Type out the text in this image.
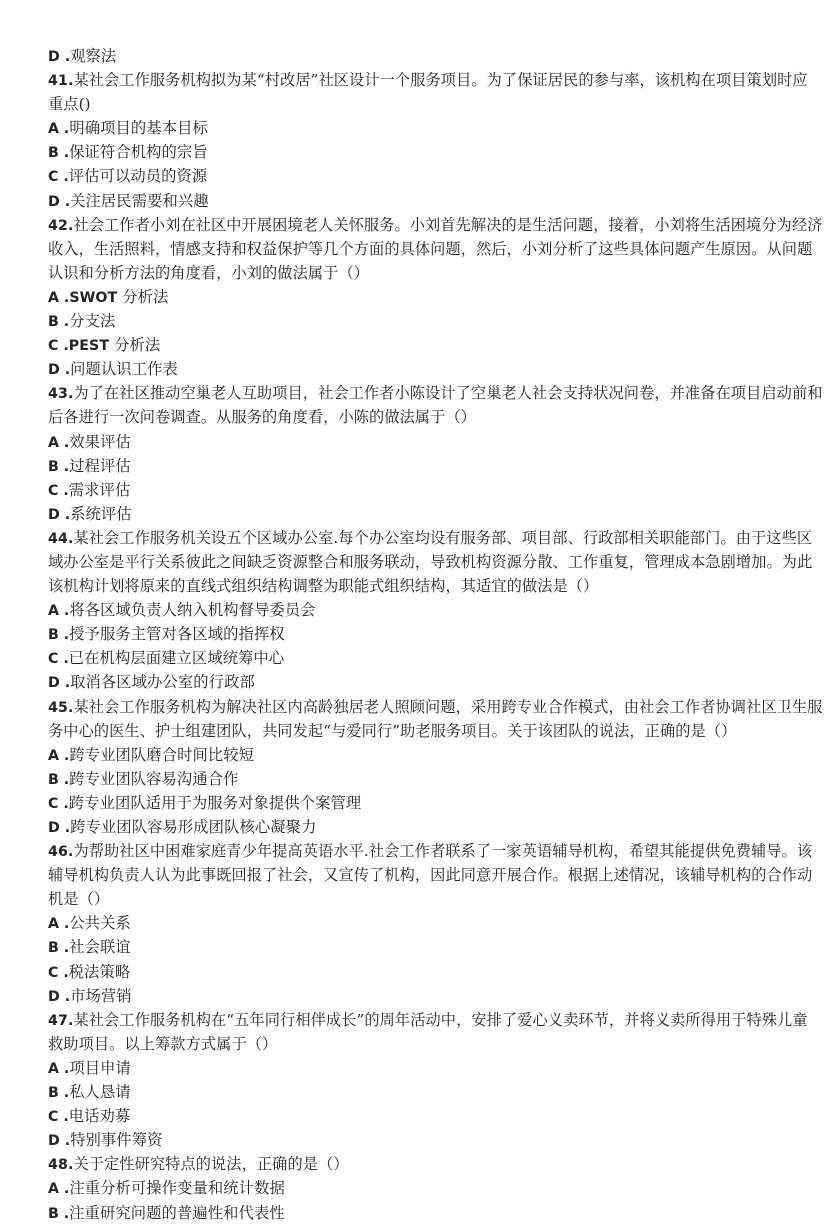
D .观察法
41.某社会工作服务机构拟为某“村改居”社区设计一个服务项目。为了保证居民的参与率，该机构在项目策划时应
重点()
A .明确项目的基本目标
B .保证符合机构的宗旨
C .评估可以动员的资源
D .关注居民需要和兴趣
42.社会工作者小刘在社区中开展困境老人关怀服务。小刘首先解决的是生活问题，接着，小刘将生活困境分为经济
收入，生活照料，情感支持和权益保护等几个方面的具体问题，然后，小刘分析了这些具体问题产生原因。从问题
认识和分析方法的角度看，小刘的做法属于（）
A .SWOT 分析法
B .分支法
C .PEST 分析法
D .问题认识工作表
43.为了在社区推动空巢老人互助项目，社会工作者小陈设计了空巢老人社会支持状况问卷，并准备在项目启动前和
后各进行一次问卷调查。从服务的角度看，小陈的做法属于（）
A .效果评估
B .过程评估
C .需求评估
D .系统评估
44.某社会工作服务机关设五个区域办公室.每个办公室均设有服务部、项目部、行政部相关职能部门。由于这些区
域办公室是平行关系彼此之间缺乏资源整合和服务联动，导致机构资源分散、工作重复，管理成本急剧增加。为此
该机构计划将原来的直线式组织结构调整为职能式组织结构，其适宜的做法是（）
A .将各区域负责人纳入机构督导委员会
B .授予服务主管对各区域的指挥权
C .已在机构层面建立区域统筹中心
D .取消各区域办公室的行政部
45.某社会工作服务机构为解决社区内高龄独居老人照顾问题，采用跨专业合作模式，由社会工作者协调社区卫生服
务中心的医生、护士组建团队，共同发起“与爱同行”助老服务项目。关于该团队的说法，正确的是（）
A .跨专业团队磨合时间比较短
B .跨专业团队容易沟通合作
C .跨专业团队适用于为服务对象提供个案管理
D .跨专业团队容易形成团队核心凝聚力
46.为帮助社区中困难家庭青少年提高英语水平.社会工作者联系了一家英语辅导机构，希望其能提供免费辅导。该
辅导机构负责人认为此事既回报了社会，又宣传了机构，因此同意开展合作。根据上述情况，该辅导机构的合作动
机是（）
A .公共关系
B .社会联谊
C .税法策略
D .市场营销
47.某社会工作服务机构在“五年同行相伴成长”的周年活动中，安排了爱心义卖环节，并将义卖所得用于特殊儿童
救助项目。以上筹款方式属于（）
A .项目申请
B .私人恳请
C .电话劝募
D .特别事件筹资
48.关于定性研究特点的说法，正确的是（）
A .注重分析可操作变量和统计数据
B .注重研究问题的普遍性和代表性
